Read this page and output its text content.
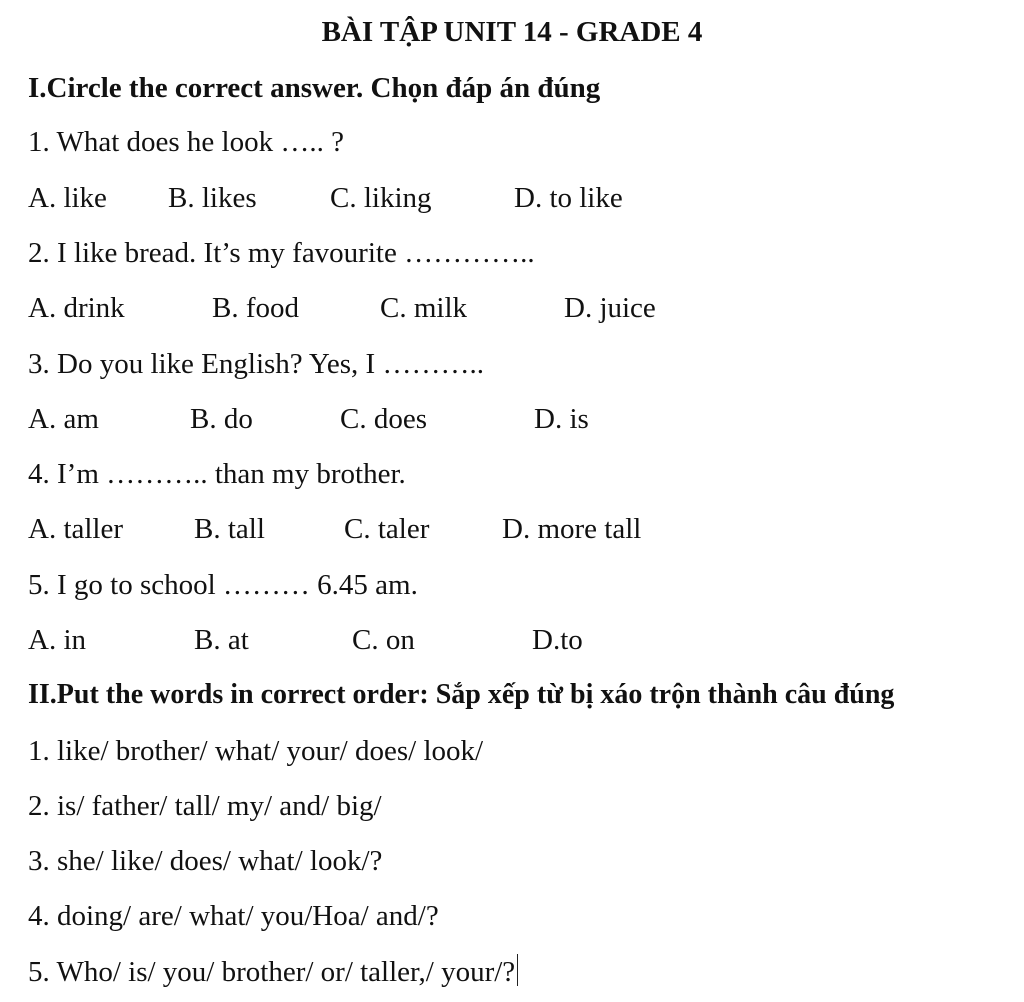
BÀI TẬP UNIT 14 - GRADE 4
I.Circle the correct answer. Chọn đáp án đúng
1. What does he look ….. ?
A. like B. likes	C. liking	D. to like
2. I like bread. It’s my favourite …………..
A. drink	B. food	C. milk	D. juice
3. Do you like English? Yes, I ………..
A. am	B. do	C. does	D. is
4. I’m ……….. than my brother.
A. taller B. tall	C. taler	D. more tall
5. I go to school ……… 6.45 am.
A. in	B. at	C. on	D.to
II.Put the words in correct order: Sắp xếp từ bị xáo trộn thành câu đúng
1. like/ brother/ what/ your/ does/ look/
2. is/ father/ tall/ my/ and/ big/
3. she/ like/ does/ what/ look/?
4. doing/ are/ what/ you/Hoa/ and/?
5. Who/ is/ you/ brother/ or/ taller,/ your/?
